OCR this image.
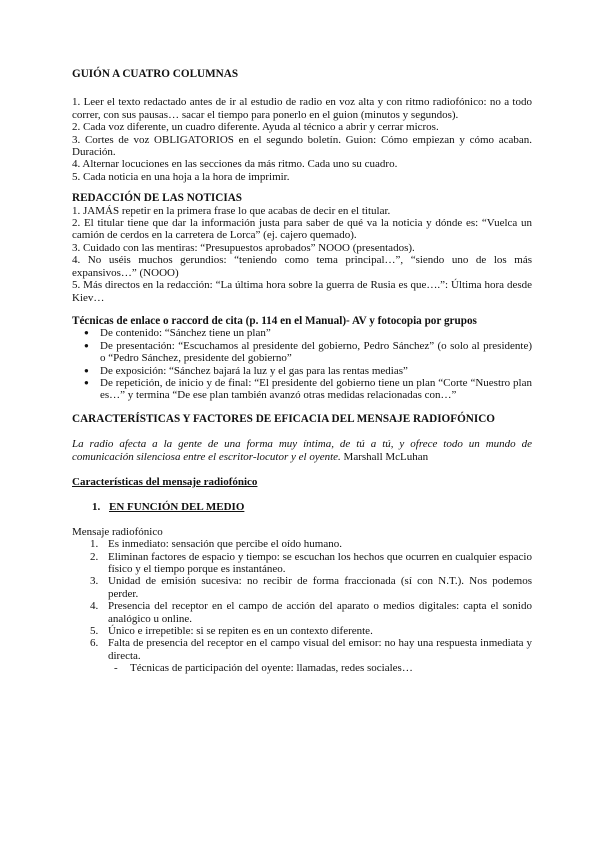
GUIÓN A CUATRO COLUMNAS

1. Leer el texto redactado antes de ir al estudio de radio en voz alta y con ritmo radiofónico: no a todo correr, con sus pausas… sacar el tiempo para ponerlo en el guion (minutos y segundos).

2. Cada voz diferente, un cuadro diferente. Ayuda al técnico a abrir y cerrar micros.

3. Cortes de voz OBLIGATORIOS en el segundo boletín. Guion: Cómo empiezan y cómo acaban. Duración.

4. Alternar locuciones en las secciones da más ritmo. Cada uno su cuadro.

5. Cada noticia en una hoja a la hora de imprimir.

REDACCIÓN DE LAS NOTICIAS

1. JAMÁS repetir en la primera frase lo que acabas de decir en el titular.

2. El titular tiene que dar la información justa para saber de qué va la noticia y dónde es: “Vuelca un camión de cerdos en la carretera de Lorca” (ej. cajero quemado).

3. Cuidado con las mentiras: “Presupuestos aprobados” NOOO (presentados).

4. No uséis muchos gerundios: “teniendo como tema principal…”, “siendo uno de los más expansivos…” (NOOO)

5. Más directos en la redacción: “La última hora sobre la guerra de Rusia es que….”: Última hora desde Kiev…

Técnicas de enlace o raccord de cita (p. 114 en el Manual)- AV y fotocopia por grupos
● De contenido: “Sánchez tiene un plan”
● De presentación: “Escuchamos al presidente del gobierno, Pedro Sánchez” (o solo al presidente) o “Pedro Sánchez, presidente del gobierno”
● De exposición: “Sánchez bajará la luz y el gas para las rentas medias”
● De repetición, de inicio y de final: “El presidente del gobierno tiene un plan “Corte “Nuestro plan es…” y termina “De ese plan también avanzó otras medidas relacionadas con…”
CARACTERÍSTICAS Y FACTORES DE EFICACIA DEL MENSAJE RADIOFÓNICO

La radio afecta a la gente de una forma muy íntima, de tú a tú, y ofrece todo un mundo de comunicación silenciosa entre el escritor-locutor y el oyente. Marshall McLuhan

Características del mensaje radiofónico

1. EN FUNCIÓN DEL MEDIO

Mensaje radiofónico

1. Es inmediato: sensación que percibe el oído humano.
2. Eliminan factores de espacio y tiempo: se escuchan los hechos que ocurren en cualquier espacio físico y el tiempo porque es instantáneo.
3. Unidad de emisión sucesiva: no recibir de forma fraccionada (sí con N.T.). Nos podemos perder.
4. Presencia del receptor en el campo de acción del aparato o medios digitales: capta el sonido analógico u online.
5. Único e irrepetible: si se repiten es en un contexto diferente.
6. Falta de presencia del receptor en el campo visual del emisor: no hay una respuesta inmediata y directa.
- Técnicas de participación del oyente: llamadas, redes sociales…
